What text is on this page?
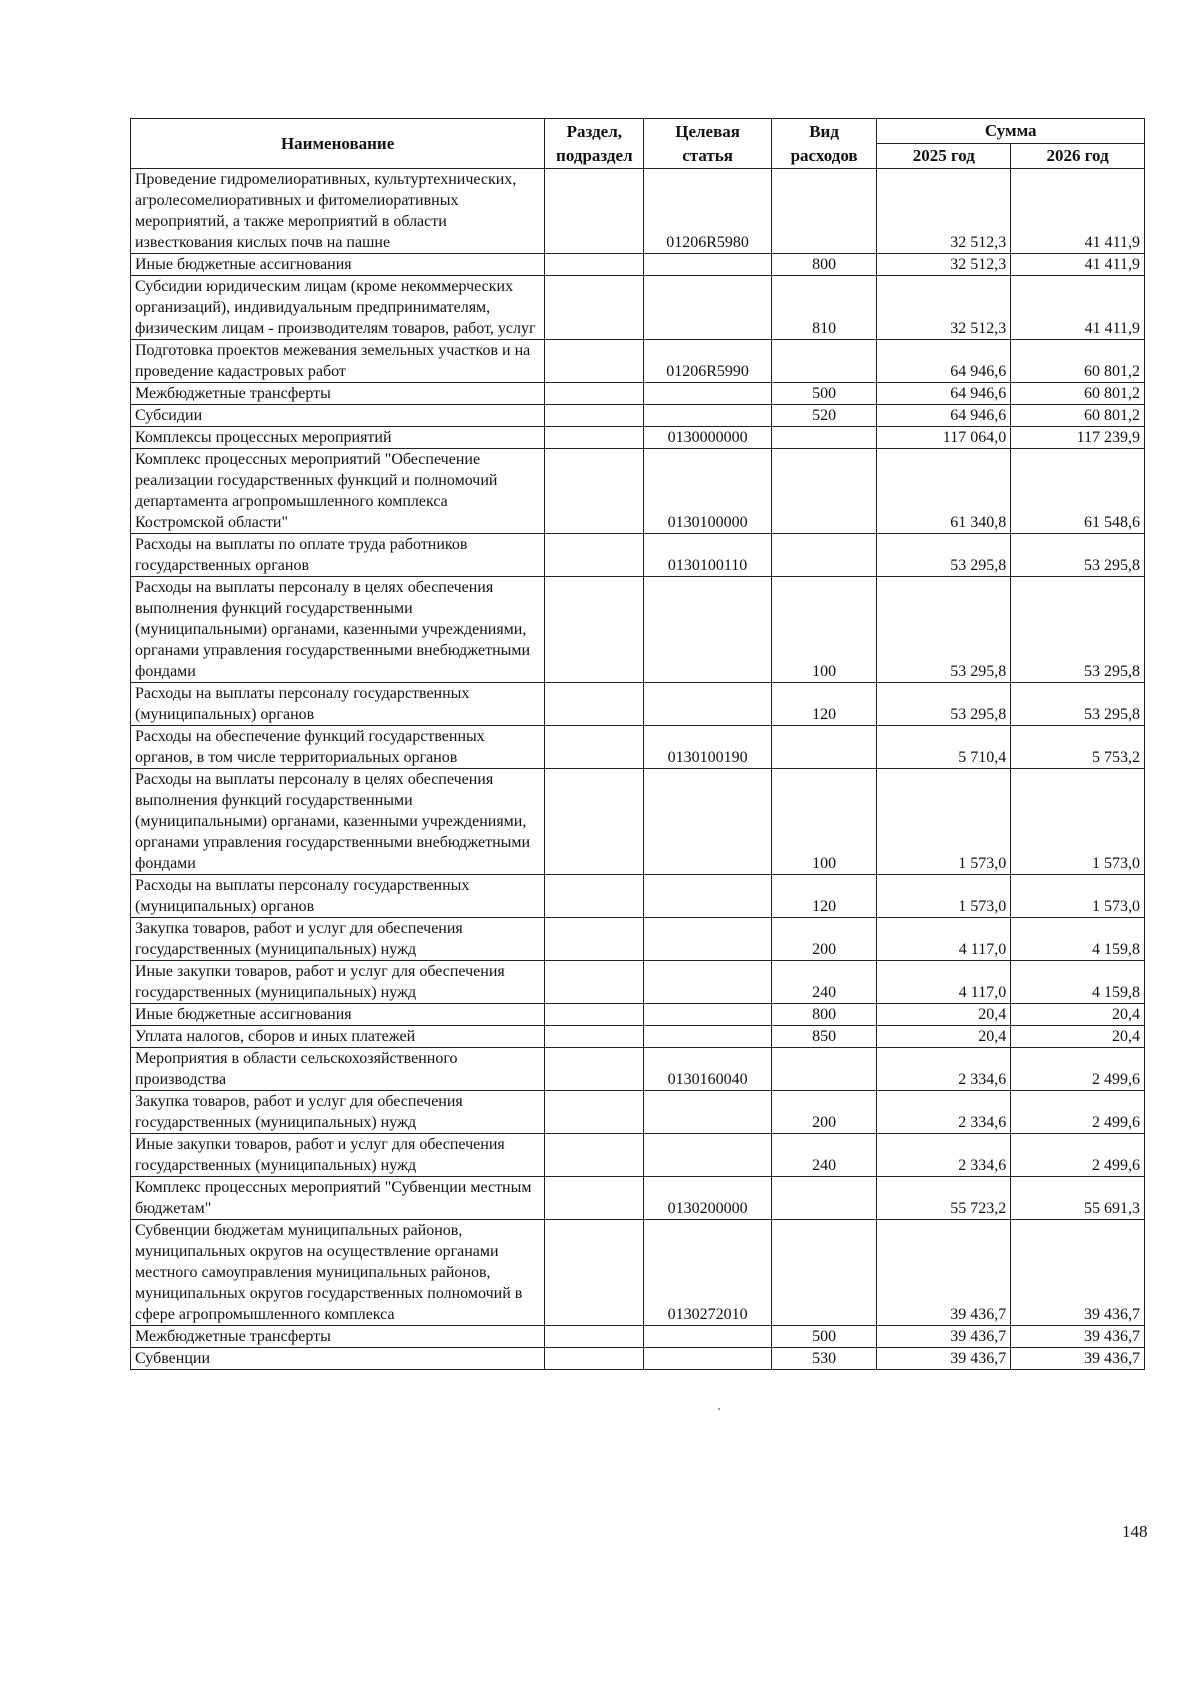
Наименование	Раздел, подраздел	Целевая статья	Вид расходов	Сумма	
				2025 год	2026 год
Проведение гидромелиоративных, культуртехнических, агролесомелиоративных и фитомелиоративных мероприятий, а также мероприятий в области известкования кислых почв на пашне		01206R5980		32 512,3	41 411,9
Иные бюджетные ассигнования			800	32 512,3	41 411,9
Субсидии юридическим лицам (кроме некоммерческих организаций), индивидуальным предпринимателям, физическим лицам - производителям товаров, работ, услуг			810	32 512,3	41 411,9
Подготовка проектов межевания земельных участков и на проведение кадастровых работ		01206R5990		64 946,6	60 801,2
Межбюджетные трансферты			500	64 946,6	60 801,2
Субсидии			520	64 946,6	60 801,2
Комплексы процессных мероприятий		0130000000		117 064,0	117 239,9
Комплекс процессных мероприятий "Обеспечение реализации государственных функций и полномочий департамента агропромышленного комплекса Костромской области"		0130100000		61 340,8	61 548,6
Расходы на выплаты по оплате труда работников государственных органов		0130100110		53 295,8	53 295,8
Расходы на выплаты персоналу в целях обеспечения выполнения функций государственными (муниципальными) органами, казенными учреждениями, органами управления государственными внебюджетными фондами			100	53 295,8	53 295,8
Расходы на выплаты персоналу государственных (муниципальных) органов			120	53 295,8	53 295,8
Расходы на обеспечение функций государственных органов, в том числе территориальных органов		0130100190		5 710,4	5 753,2
Расходы на выплаты персоналу в целях обеспечения выполнения функций государственными (муниципальными) органами, казенными учреждениями, органами управления государственными внебюджетными фондами			100	1 573,0	1 573,0
Расходы на выплаты персоналу государственных (муниципальных) органов			120	1 573,0	1 573,0
Закупка товаров, работ и услуг для обеспечения государственных (муниципальных) нужд			200	4 117,0	4 159,8
Иные закупки товаров, работ и услуг для обеспечения государственных (муниципальных) нужд			240	4 117,0	4 159,8
Иные бюджетные ассигнования			800	20,4	20,4
Уплата налогов, сборов и иных платежей			850	20,4	20,4
Мероприятия в области сельскохозяйственного производства		0130160040		2 334,6	2 499,6
Закупка товаров, работ и услуг для обеспечения государственных (муниципальных) нужд			200	2 334,6	2 499,6
Иные закупки товаров, работ и услуг для обеспечения государственных (муниципальных) нужд			240	2 334,6	2 499,6
Комплекс процессных мероприятий "Субвенции местным бюджетам"		0130200000		55 723,2	55 691,3
Субвенции бюджетам муниципальных районов, муниципальных округов на осуществление органами местного самоуправления муниципальных районов, муниципальных округов государственных полномочий в сфере агропромышленного комплекса		0130272010		39 436,7	39 436,7
Межбюджетные трансферты			500	39 436,7	39 436,7
Субвенции			530	39 436,7	39 436,7
148
